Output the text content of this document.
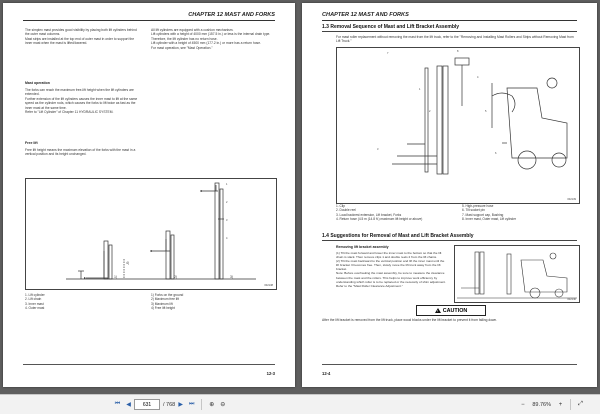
CHAPTER 12 MAST AND FORKS
The simplex mast provides good visibility by placing both lift cylinders behind the outer mast columns.
Mast strips are installed at the top end of outer mast in order to support the inner mast when the mast is lifted/lowered.
All lift cylinders are equipped with a cushion mechanism.
Lift cylinders with a height of 4000 mm (157.5 in.) or less is the internal drain type. Therefore, the lift cylinder has no return hose.
Lift cylinder with a height of 4500 mm (177.2 in.) or more has a return hose.
For mast operation, see "Mast Operation."
Mast operation
The forks can reach the maximum free-lift height when the lift cylinders are extended.
Further extension of the lift cylinders causes the inner mast to lift at the same speed as the cylinder rods, which causes the forks to lift twice as fast as the inner mast at the same time.
Refer to "Lift Cylinder" of Chapter 11 HYDRAULIC SYSTEM.
Free lift
Free lift height means the maximum elevation of the forks with the mast in a vertical position and its height unchanged.
1)	2)	3)
4)
1
2
3
4
002138
1. Lift cylinder
2. Lift chain
3. Inner mast
4. Outer mast
1) Forks on the ground
2) Maximum free lift
3) Maximum lift
4) Free lift height
12-3
CHAPTER 12 MAST AND FORKS
1.3 Removal Sequence of Mast and Lift Bracket Assembly
For mast roller replacement without removing the mast from the lift truck, refer to the "Removing and Installing Mast Rollers and Strips without Removing Mast from Lift Truck."
7
8
4
5
3
2
1
6
002139
1. Clip
2. Double reel
3. Load backrest extension, Lift bracket, Forks
4. Return hose (4.5 m (14.8 ft.) maximum lift height or above)
5. High-pressure hose
6. Tilt socket pin
7. Mast support cap, Bushing
8. Inner mast, Outer mast, Lift cylinder
1.4 Suggestions for Removal of Mast and Lift Bracket Assembly
Removing lift bracket assembly
(1) Tilt the mast forward and lower the inner mast to the bottom so that the lift chain is slack. Then remove clips 1 and double reels 2 from the lift chains.
(2) Tilt the mast backward to the vertical position and lift the inner mast until the lift bracket 3 becomes free. Then, slowly move the lift truck away from the lift bracket.
Note: Before overhauling the mast assembly, be sure to measure the clearance between the mast and the rollers. This helps to improve work efficiency by understanding which roller is to be replaced or the necessity of shim adjustment. Refer to the "Mast Roller Clearance Adjustment."
002140
! CAUTION
After the lift bracket is removed from the lift truck, place wood blocks under the lift bracket to prevent it from falling down.
12-4
⏮ ◀
631	/ 768 ▶ ⏭	⊕ ⊖	−	89.76%	+	⤢
